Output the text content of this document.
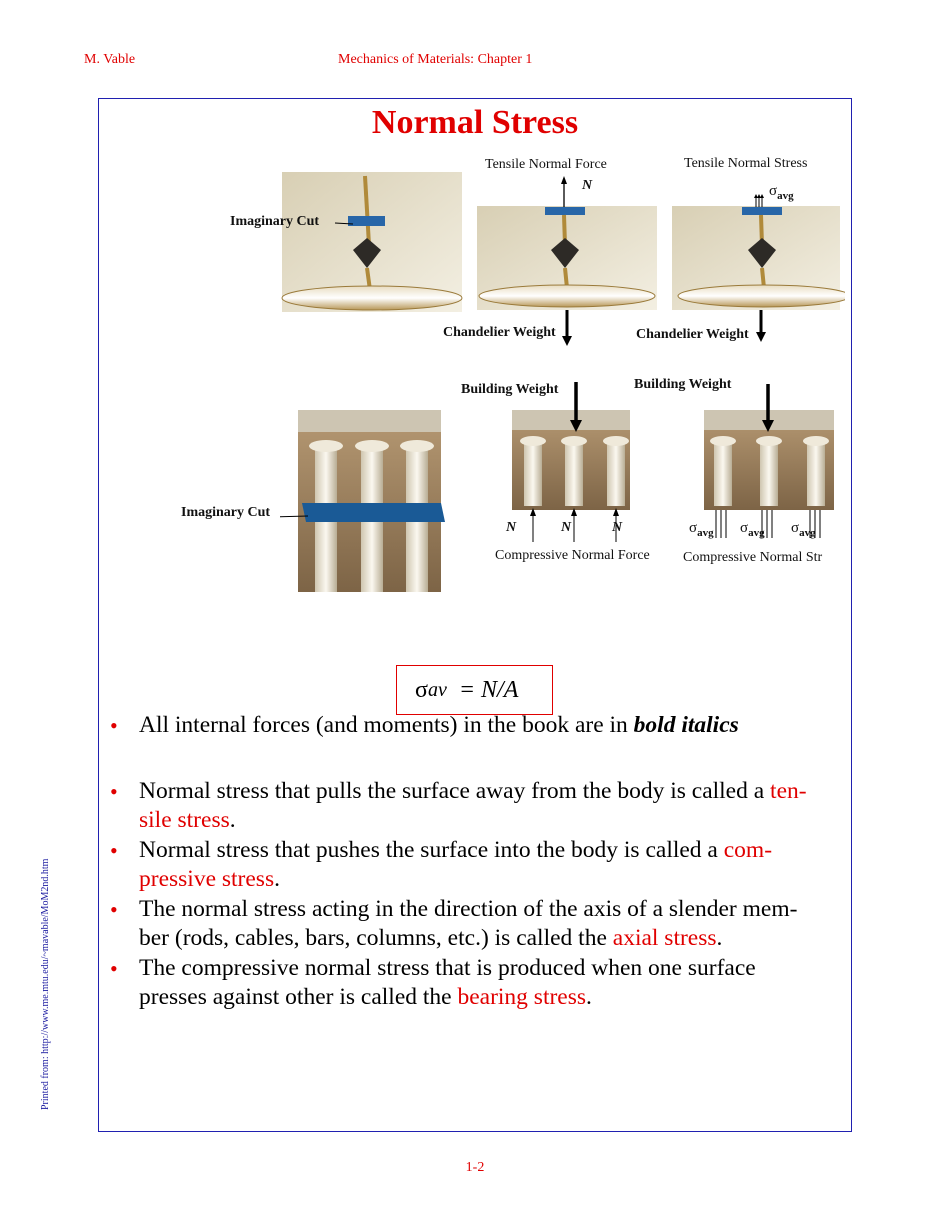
M. Vable	Mechanics of Materials: Chapter 1
Normal Stress
Tensile Normal Force	Tensile Normal Stress
N	$\sigma_{avg}$
Imaginary Cut
Chandelier Weight	Chandelier Weight
Building Weight	Building Weight
Imaginary Cut
N	N	N	$\sigma_{avg}$ $\sigma_{avg}$ $\sigma_{avg}$
Compressive Normal Force Compressive Normal Str
σ av = N/A
• All internal forces (and moments) in the book are in bold italics
• Normal stress that pulls the surface away from the body is called a ten-
sile stress.
• Normal stress that pushes the surface into the body is called a com-
pressive stress.
• The normal stress acting in the direction of the axis of a slender mem-
ber (rods, cables, bars, columns, etc.) is called the axial stress.
• The compressive normal stress that is produced when one surface
presses against other is called the bearing stress.
Printed from: http://www.me.mtu.edu/~mavable/MoM2nd.htm
1-2
